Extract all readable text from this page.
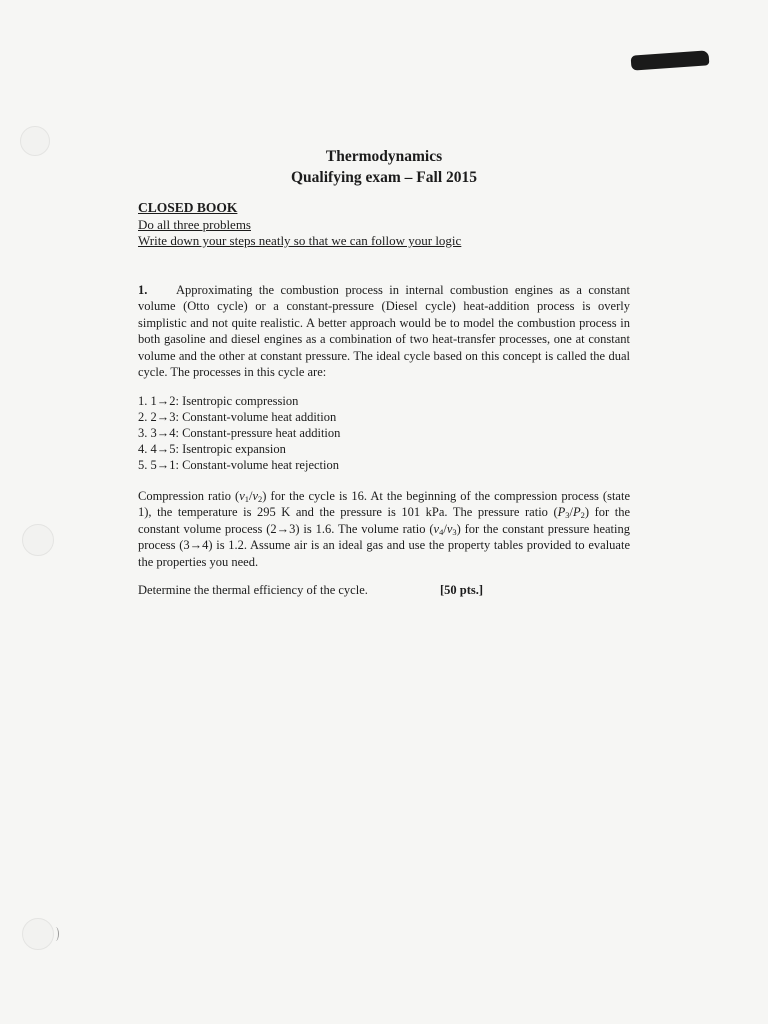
Thermodynamics
Qualifying exam – Fall 2015
CLOSED BOOK
Do all three problems
Write down your steps neatly so that we can follow your logic
1. Approximating the combustion process in internal combustion engines as a constant volume (Otto cycle) or a constant-pressure (Diesel cycle) heat-addition process is overly simplistic and not quite realistic. A better approach would be to model the combustion process in both gasoline and diesel engines as a combination of two heat-transfer processes, one at constant volume and the other at constant pressure. The ideal cycle based on this concept is called the dual cycle. The processes in this cycle are:
1. 1→2: Isentropic compression
2. 2→3: Constant-volume heat addition
3. 3→4: Constant-pressure heat addition
4. 4→5: Isentropic expansion
5. 5→1: Constant-volume heat rejection
Compression ratio $(v_1/v_2)$ for the cycle is 16. At the beginning of the compression process (state 1), the temperature is 295 K and the pressure is 101 kPa. The pressure ratio $(P_3/P_2)$ for the constant volume process (2→3) is 1.6. The volume ratio $(v_4/v_3)$ for the constant pressure heating process (3→4) is 1.2. Assume air is an ideal gas and use the property tables provided to evaluate the properties you need.
Determine the thermal efficiency of the cycle.	[50 pts.]
